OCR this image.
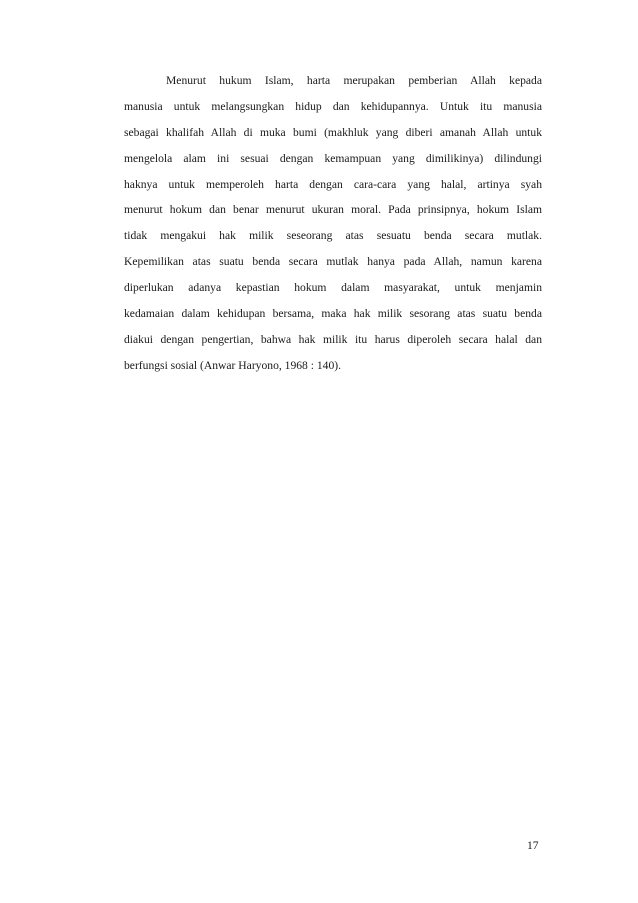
Menurut hukum Islam, harta merupakan pemberian Allah kepada
manusia untuk melangsungkan hidup dan kehidupannya. Untuk itu manusia
sebagai khalifah Allah di muka bumi (makhluk yang diberi amanah Allah untuk
mengelola alam ini sesuai dengan kemampuan yang dimilikinya) dilindungi
haknya untuk memperoleh harta dengan cara-cara yang halal, artinya syah
menurut hokum dan benar menurut ukuran moral. Pada prinsipnya, hokum Islam
tidak mengakui hak milik seseorang atas sesuatu benda secara mutlak.
Kepemilikan atas suatu benda secara mutlak hanya pada Allah, namun karena
diperlukan adanya kepastian hokum dalam masyarakat, untuk menjamin
kedamaian dalam kehidupan bersama, maka hak milik sesorang atas suatu benda
diakui dengan pengertian, bahwa hak milik itu harus diperoleh secara halal dan
berfungsi sosial (Anwar Haryono, 1968 : 140).

17
